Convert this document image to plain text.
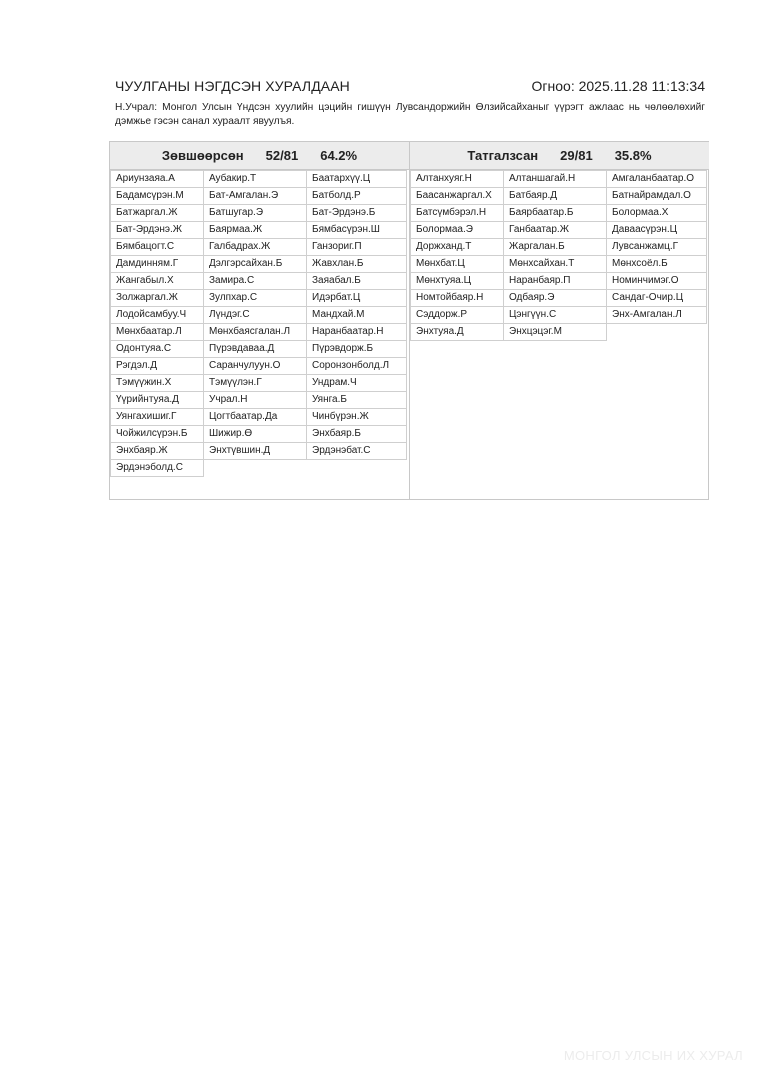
ЧУУЛГАНЫ НЭГДСЭН ХУРАЛДААН	Огноо: 2025.11.28 11:13:34
Н.Учрал: Монгол Улсын Үндсэн хуулийн цэцийн гишүүн Лувсандоржийн Өлзийсайханыг үүрэгт ажлаас нь чөлөөлөхийг дэмжье гэсэн санал хураалт явуулъя.
Зөвшөөрсөн 52/81 64.2%
Ариунзаяа.А	Аубакир.Т	Баатархүү.Ц
Бадамсүрэн.М	Бат-Амгалан.Э	Батболд.Р
Батжаргал.Ж	Батшугар.Э	Бат-Эрдэнэ.Б
Бат-Эрдэнэ.Ж	Баярмаа.Ж	Бямбасүрэн.Ш
Бямбацогт.С	Галбадрах.Ж	Ганзориг.П
Дамдинням.Г	Дэлгэрсайхан.Б	Жавхлан.Б
Жангабыл.Х	Замира.С	Заяабал.Б
Золжаргал.Ж	Зулпхар.С	Идэрбат.Ц
Лодойсамбуу.Ч	Лүндэг.С	Мандхай.М
Мөнхбаатар.Л	Мөнхбаясгалан.Л	Наранбаатар.Н
Одонтуяа.С	Пүрэвдаваа.Д	Пүрэвдорж.Б
Рэгдэл.Д	Саранчулуун.О	Соронзонболд.Л
Тэмүүжин.Х	Тэмүүлэн.Г	Ундрам.Ч
Үүрийнтуяа.Д	Учрал.Н	Уянга.Б
Уянгахишиг.Г	Цогтбаатар.Да	Чинбүрэн.Ж
Чойжилсүрэн.Б	Шижир.Ө	Энхбаяр.Б
Энхбаяр.Ж	Энхтүвшин.Д	Эрдэнэбат.С
Эрдэнэболд.С
Татгалзсан 29/81 35.8%
Алтанхуяг.Н	Алтаншагай.Н	Амгаланбаатар.О
Баасанжаргал.Х	Батбаяр.Д	Батнайрамдал.О
Батсүмбэрэл.Н	Баярбаатар.Б	Болормаа.Х
Болормаа.Э	Ганбаатар.Ж	Даваасүрэн.Ц
Доржханд.Т	Жаргалан.Б	Лувсанжамц.Г
Мөнхбат.Ц	Мөнхсайхан.Т	Мөнхсоёл.Б
Мөнхтуяа.Ц	Наранбаяр.П	Номинчимэг.О
Номтойбаяр.Н	Одбаяр.Э	Сандаг-Очир.Ц
Сэддорж.Р	Цэнгүүн.С	Энх-Амгалан.Л
Энхтуяа.Д	Энхцэцэг.М
МОНГОЛ УЛСЫН ИХ ХУРАЛ
